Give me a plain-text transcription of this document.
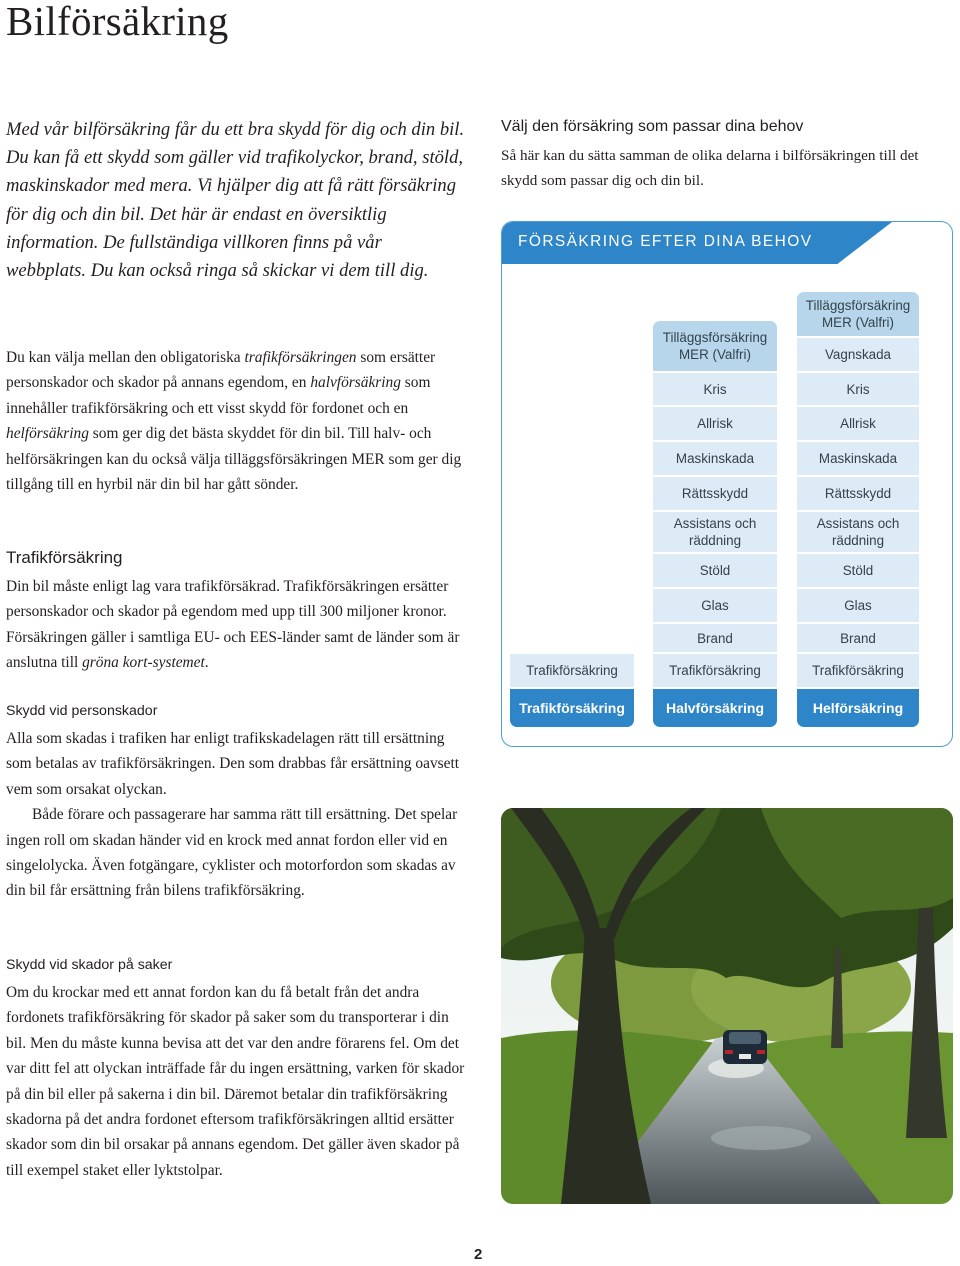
Bilförsäkring

Med vår bilförsäkring får du ett bra skydd för dig och din bil. Du kan få ett skydd som gäller vid trafikolyckor, brand, stöld, maskinskador med mera. Vi hjälper dig att få rätt försäkring för dig och din bil. Det här är endast en översiktlig information. De fullständiga villkoren finns på vår webbplats. Du kan också ringa så skickar vi dem till dig.

Du kan välja mellan den obligatoriska trafikförsäkringen som ersätter personskador och skador på annans egendom, en halvförsäkring som innehåller trafikförsäkring och ett visst skydd för fordonet och en helförsäkring som ger dig det bästa skyddet för din bil. Till halv- och helförsäkringen kan du också välja tilläggsförsäkringen MER som ger dig tillgång till en hyrbil när din bil har gått sönder.

Trafikförsäkring

Din bil måste enligt lag vara trafikförsäkrad. Trafikförsäkringen ersätter personskador och skador på egendom med upp till 300 miljoner kronor. Försäkringen gäller i samtliga EU- och EES-länder samt de länder som är anslutna till gröna kort-systemet.

Skydd vid personskador

Alla som skadas i trafiken har enligt trafikskadelagen rätt till ersättning som betalas av trafikförsäkringen. Den som drabbas får ersättning oavsett vem som orsakat olyckan.
Både förare och passagerare har samma rätt till ersättning. Det spelar ingen roll om skadan händer vid en krock med annat fordon eller vid en singelolycka. Även fotgängare, cyklister och motorfordon som skadas av din bil får ersättning från bilens trafikförsäkring.

Skydd vid skador på saker

Om du krockar med ett annat fordon kan du få betalt från det andra fordonets trafikförsäkring för skador på saker som du transporterar i din bil. Men du måste kunna bevisa att det var den andre förarens fel. Om det var ditt fel att olyckan inträffade får du ingen ersättning, varken för skador på din bil eller på sakerna i din bil. Däremot betalar din trafikförsäkring skadorna på det andra fordonet eftersom trafikförsäkringen alltid ersätter skador som din bil orsakar på annans egendom. Det gäller även skador på till exempel staket eller lyktstolpar.

Välj den försäkring som passar dina behov

Så här kan du sätta samman de olika delarna i bilförsäkringen till det skydd som passar dig och din bil.

FÖRSÄKRING EFTER DINA BEHOV
Trafikförsäkring
Trafikförsäkring
Tilläggsförsäkring MER (Valfri)
Kris
Allrisk
Maskinskada
Rättsskydd
Assistans och räddning
Stöld
Glas
Brand
Trafikförsäkring
Halvförsäkring
Tilläggsförsäkring MER (Valfri)
Vagnskada
Kris
Allrisk
Maskinskada
Rättsskydd
Assistans och räddning
Stöld
Glas
Brand
Trafikförsäkring
Helförsäkring

2
